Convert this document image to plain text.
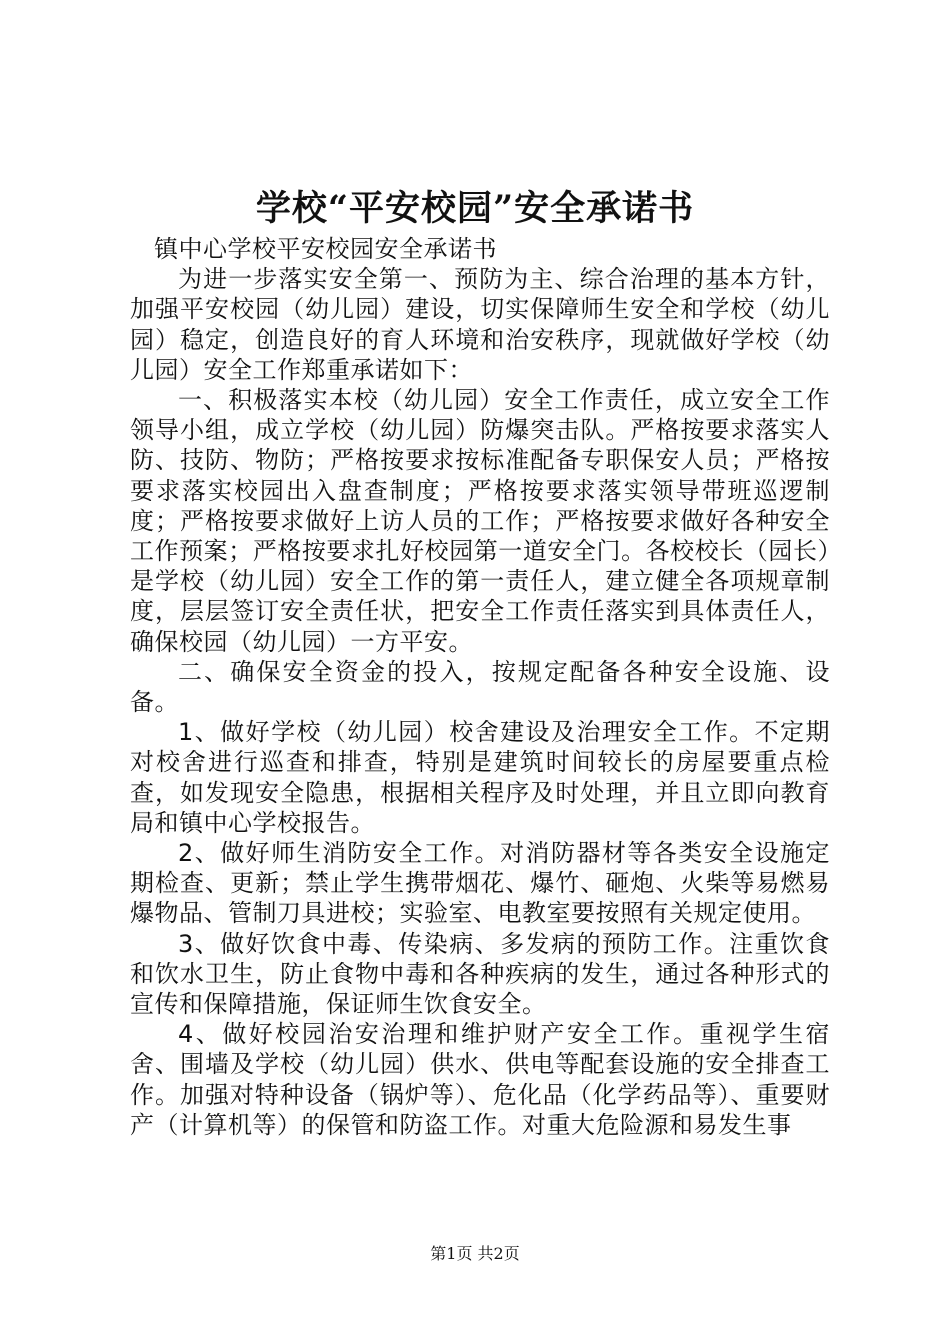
学校“平安校园”安全承诺书

镇中心学校平安校园安全承诺书

为进一步落实安全第一、预防为主、综合治理的基本方针，加强平安校园（幼儿园）建设，切实保障师生安全和学校（幼儿园）稳定，创造良好的育人环境和治安秩序，现就做好学校（幼儿园）安全工作郑重承诺如下：

一、积极落实本校（幼儿园）安全工作责任，成立安全工作领导小组，成立学校（幼儿园）防爆突击队。严格按要求落实人防、技防、物防；严格按要求按标准配备专职保安人员；严格按要求落实校园出入盘查制度；严格按要求落实领导带班巡逻制度；严格按要求做好上访人员的工作；严格按要求做好各种安全工作预案；严格按要求扎好校园第一道安全门。各校校长（园长）是学校（幼儿园）安全工作的第一责任人，建立健全各项规章制度，层层签订安全责任状，把安全工作责任落实到具体责任人，确保校园（幼儿园）一方平安。

二、确保安全资金的投入，按规定配备各种安全设施、设备。

1、做好学校（幼儿园）校舍建设及治理安全工作。不定期对校舍进行巡查和排查，特别是建筑时间较长的房屋要重点检查，如发现安全隐患，根据相关程序及时处理，并且立即向教育局和镇中心学校报告。

2、做好师生消防安全工作。对消防器材等各类安全设施定期检查、更新；禁止学生携带烟花、爆竹、砸炮、火柴等易燃易爆物品、管制刀具进校；实验室、电教室要按照有关规定使用。

3、做好饮食中毒、传染病、多发病的预防工作。注重饮食和饮水卫生，防止食物中毒和各种疾病的发生，通过各种形式的宣传和保障措施，保证师生饮食安全。

4、做好校园治安治理和维护财产安全工作。重视学生宿舍、围墙及学校（幼儿园）供水、供电等配套设施的安全排查工作。加强对特种设备（锅炉等）、危化品（化学药品等）、重要财产（计算机等）的保管和防盗工作。对重大危险源和易发生事

第1页 共2页
